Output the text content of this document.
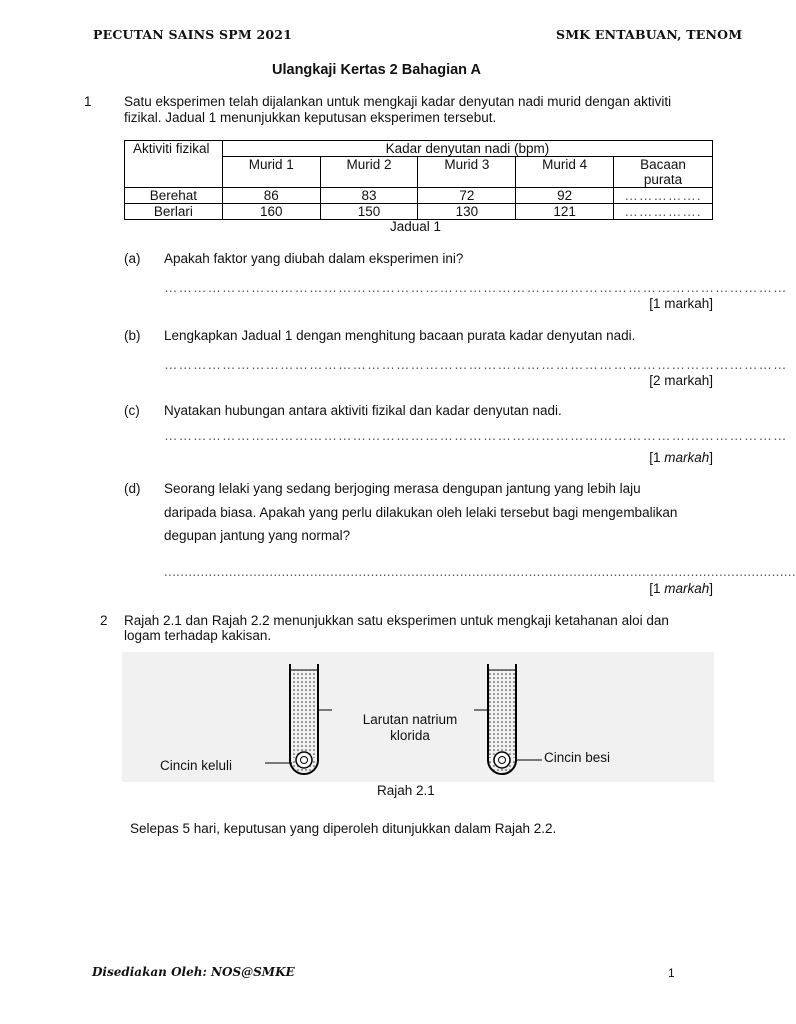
PECUTAN SAINS SPM 2021	SMK ENTABUAN, TENOM
Ulangkaji Kertas 2 Bahagian A
1 Satu eksperimen telah dijalankan untuk mengkaji kadar denyutan nadi murid dengan aktiviti
fizikal. Jadual 1 menunjukkan keputusan eksperimen tersebut.
Aktiviti fizikal	Kadar denyutan nadi (bpm)				
	Murid 1	Murid 2	Murid 3	Murid 4	Bacaan
purata

Berehat	86	83	72	92	…………….
Berlari	160	150	130	121	…………….
Jadual 1
(a) Apakah faktor yang diubah dalam eksperimen ini?
…………………………………………………………………………………………………………………
[1 markah]
(b) Lengkapkan Jadual 1 dengan menghitung bacaan purata kadar denyutan nadi.
…………………………………………………………………………………………………………………
[2 markah]
(c) Nyatakan hubungan antara aktiviti fizikal dan kadar denyutan nadi.
…………………………………………………………………………………………………………………
[1 markah]
(d) Seorang lelaki yang sedang berjoging merasa dengupan jantung yang lebih laju
daripada biasa. Apakah yang perlu dilakukan oleh lelaki tersebut bagi mengembalikan
degupan jantung yang normal?
............................................................................................................................................................
[1 markah]
2 Rajah 2.1 dan Rajah 2.2 menunjukkan satu eksperimen untuk mengkaji ketahanan aloi dan
logam terhadap kakisan.
Larutan natrium
klorida
Cincin keluli
Cincin besi
Rajah 2.1
Selepas 5 hari, keputusan yang diperoleh ditunjukkan dalam Rajah 2.2.
Disediakan Oleh: NOS@SMKE	1
